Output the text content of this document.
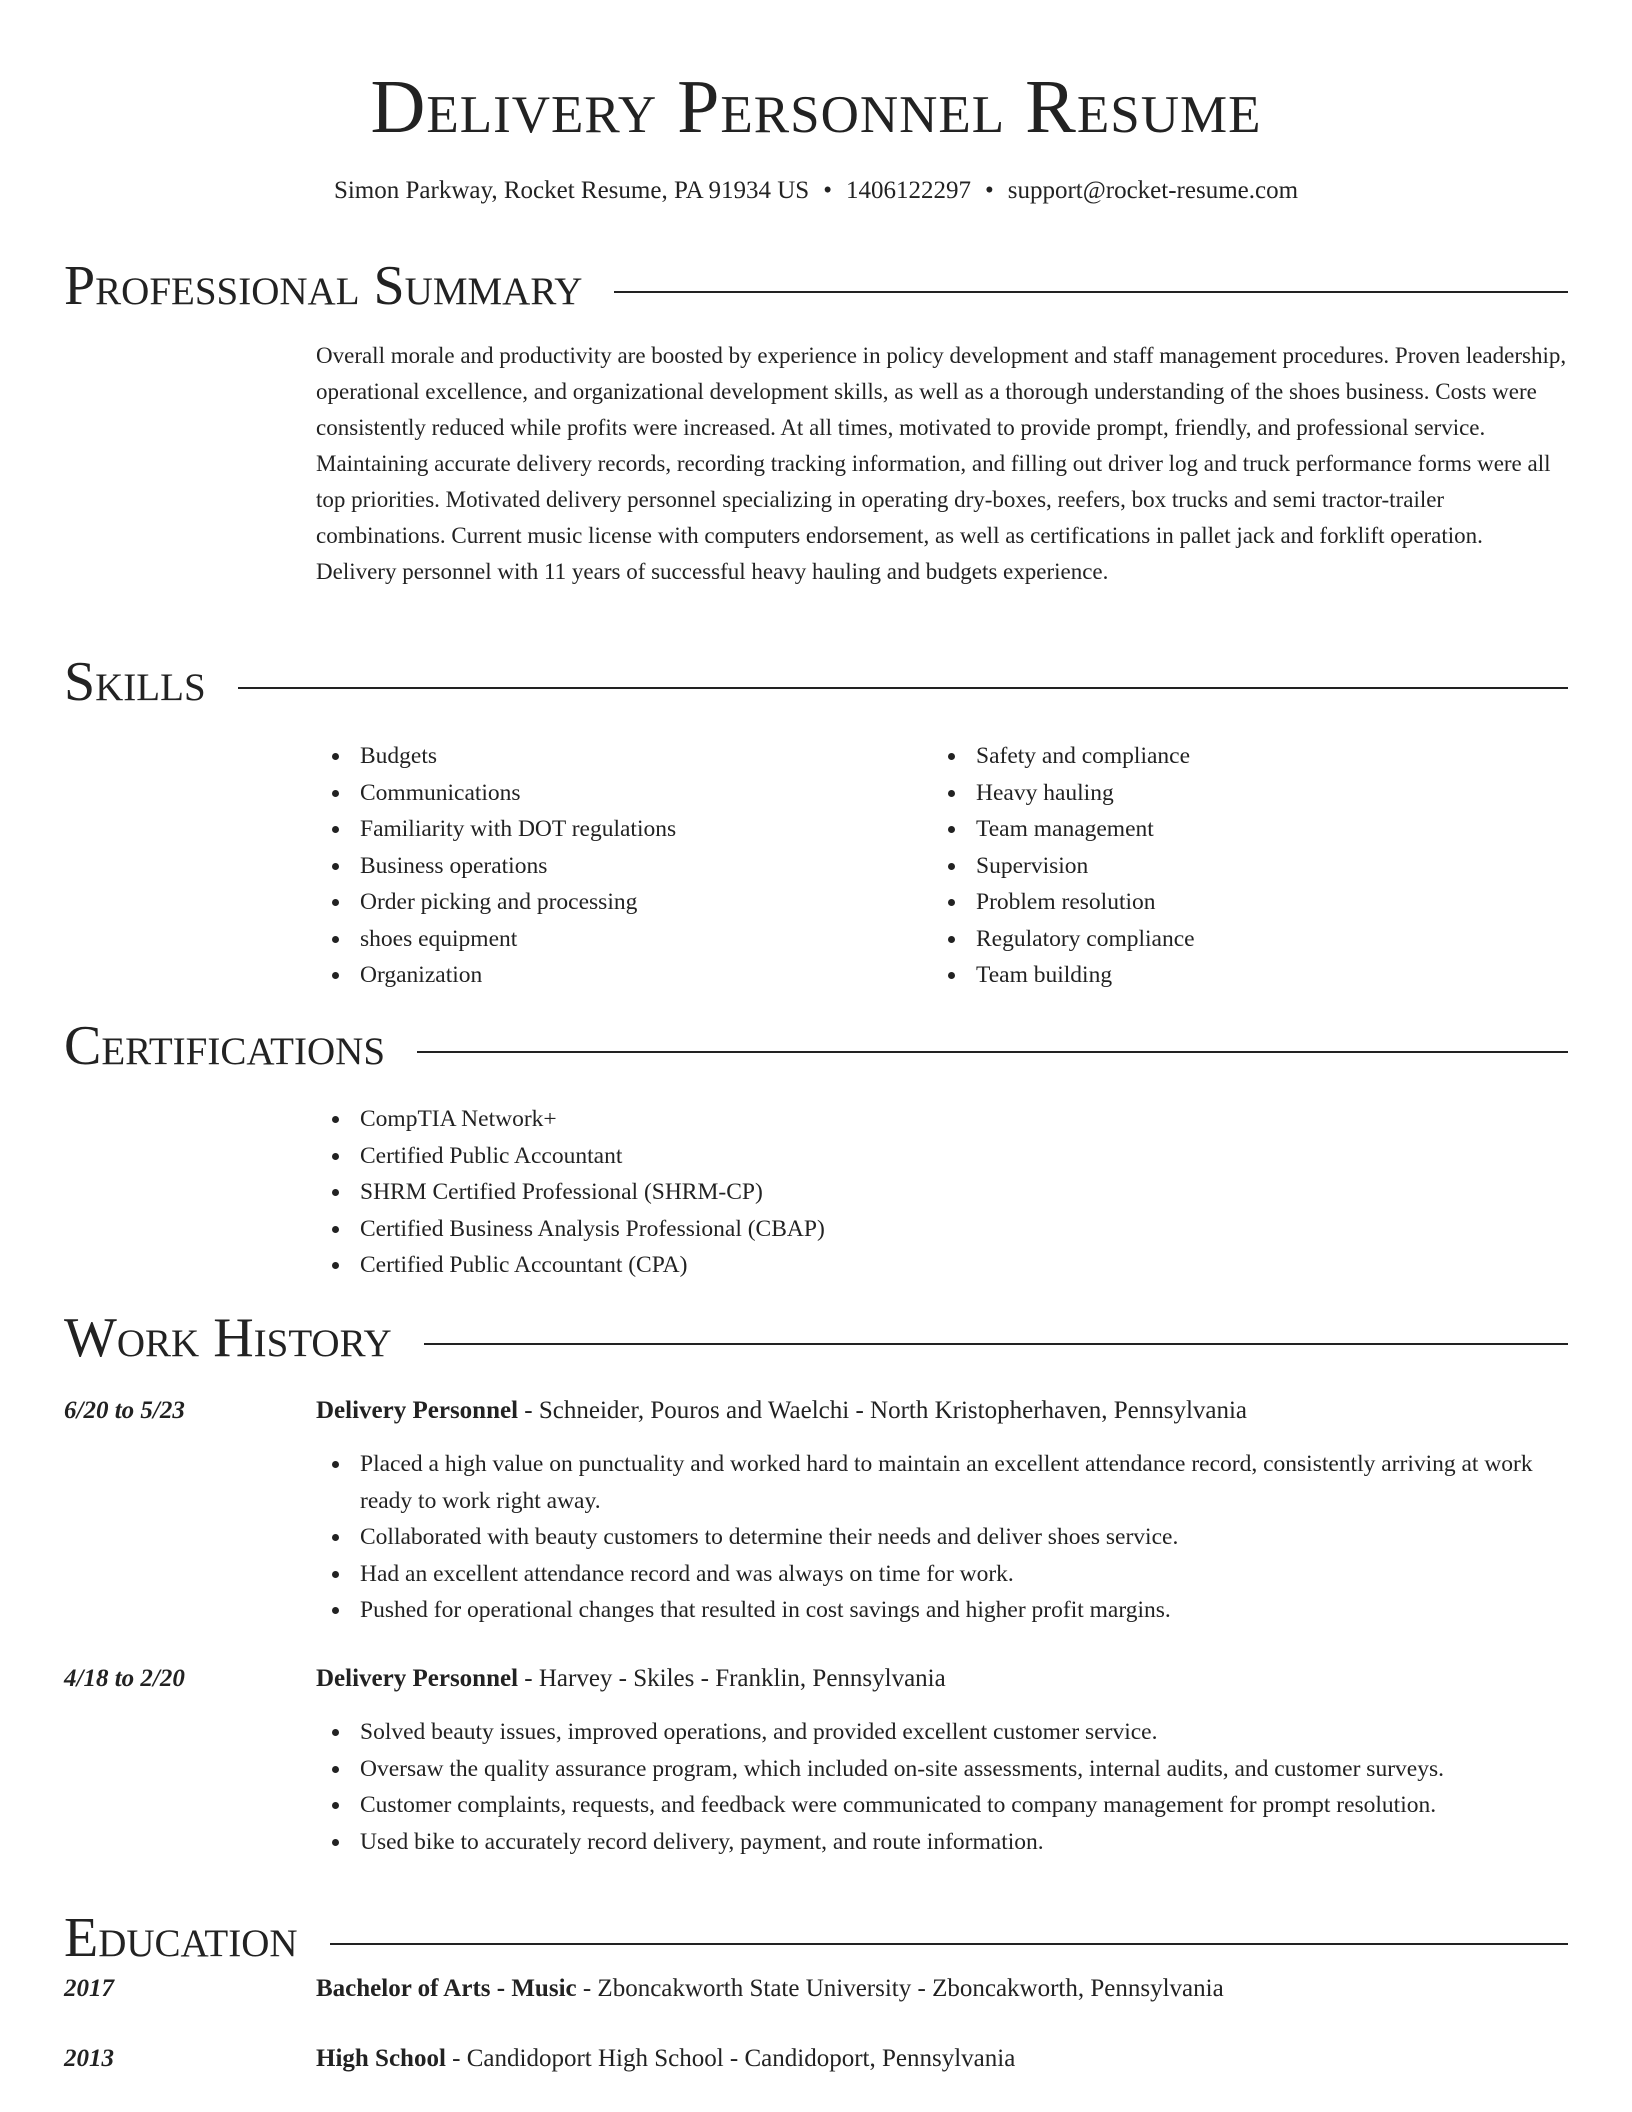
Delivery Personnel Resume
Simon Parkway, Rocket Resume, PA 91934 US • 1406122297 • support@rocket-resume.com
Professional Summary
Overall morale and productivity are boosted by experience in policy development and staff management procedures. Proven leadership, operational excellence, and organizational development skills, as well as a thorough understanding of the shoes business. Costs were consistently reduced while profits were increased. At all times, motivated to provide prompt, friendly, and professional service. Maintaining accurate delivery records, recording tracking information, and filling out driver log and truck performance forms were all top priorities. Motivated delivery personnel specializing in operating dry-boxes, reefers, box trucks and semi tractor-trailer combinations. Current music license with computers endorsement, as well as certifications in pallet jack and forklift operation. Delivery personnel with 11 years of successful heavy hauling and budgets experience.
Skills
Budgets
Communications
Familiarity with DOT regulations
Business operations
Order picking and processing
shoes equipment
Organization
Safety and compliance
Heavy hauling
Team management
Supervision
Problem resolution
Regulatory compliance
Team building
Certifications
CompTIA Network+
Certified Public Accountant
SHRM Certified Professional (SHRM-CP)
Certified Business Analysis Professional (CBAP)
Certified Public Accountant (CPA)
Work History
6/20 to 5/23	Delivery Personnel - Schneider, Pouros and Waelchi - North Kristopherhaven, Pennsylvania
Placed a high value on punctuality and worked hard to maintain an excellent attendance record, consistently arriving at work ready to work right away.
Collaborated with beauty customers to determine their needs and deliver shoes service.
Had an excellent attendance record and was always on time for work.
Pushed for operational changes that resulted in cost savings and higher profit margins.
4/18 to 2/20	Delivery Personnel - Harvey - Skiles - Franklin, Pennsylvania
Solved beauty issues, improved operations, and provided excellent customer service.
Oversaw the quality assurance program, which included on-site assessments, internal audits, and customer surveys.
Customer complaints, requests, and feedback were communicated to company management for prompt resolution.
Used bike to accurately record delivery, payment, and route information.
Education
2017	Bachelor of Arts - Music - Zboncakworth State University - Zboncakworth, Pennsylvania
2013	High School - Candidoport High School - Candidoport, Pennsylvania
